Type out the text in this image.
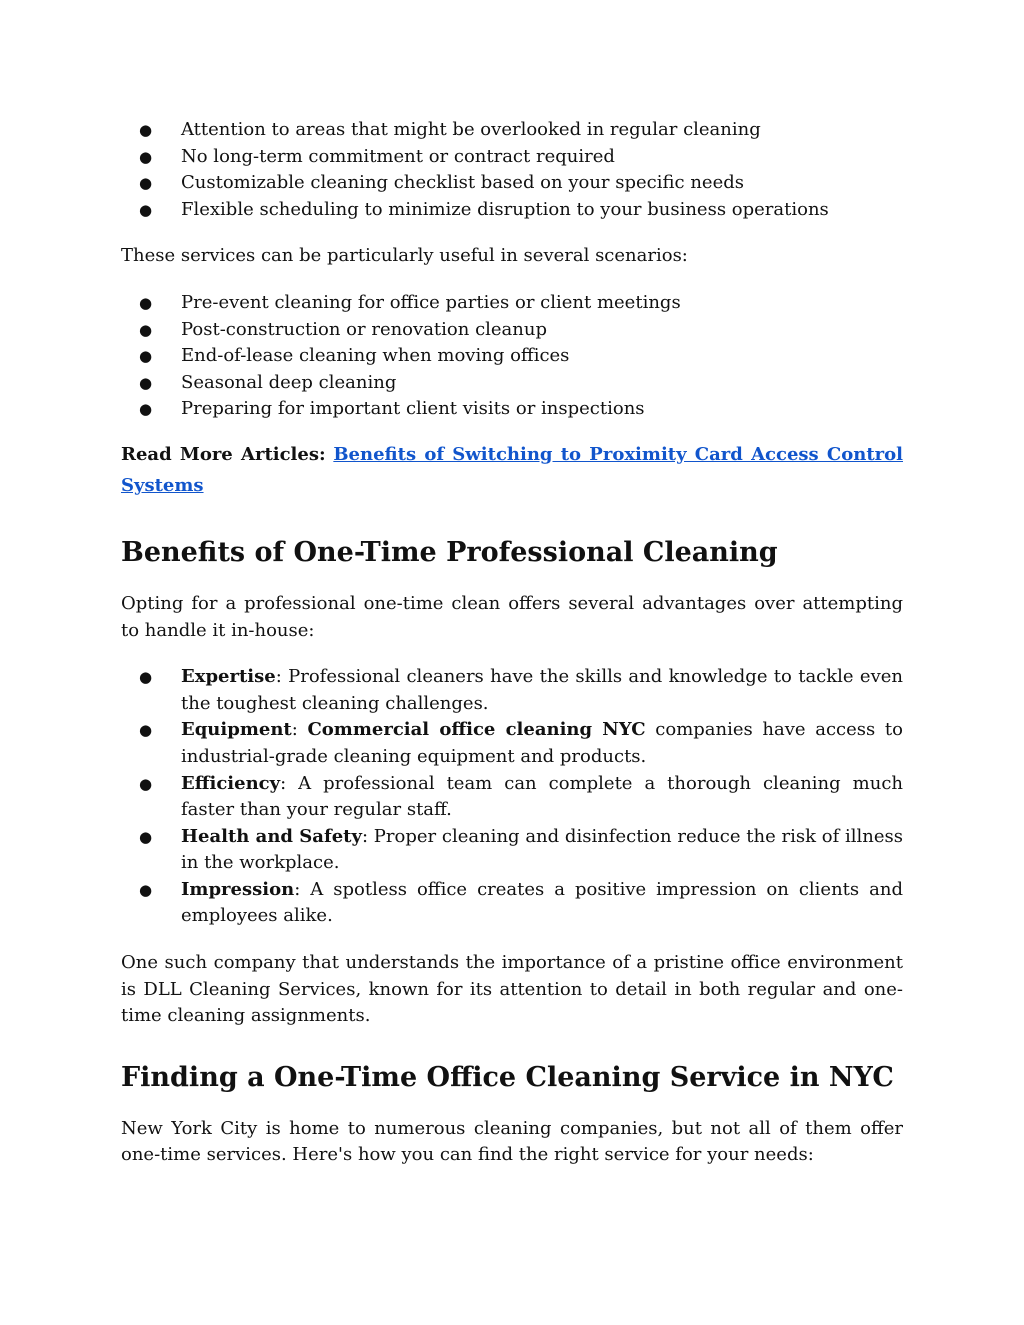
● Attention to areas that might be overlooked in regular cleaning
● No long-term commitment or contract required
● Customizable cleaning checklist based on your specific needs
● Flexible scheduling to minimize disruption to your business operations

These services can be particularly useful in several scenarios:

● Pre-event cleaning for office parties or client meetings
● Post-construction or renovation cleanup
● End-of-lease cleaning when moving offices
● Seasonal deep cleaning
● Preparing for important client visits or inspections

Read More Articles: Benefits of Switching to Proximity Card Access Control Systems

Benefits of One-Time Professional Cleaning

Opting for a professional one-time clean offers several advantages over attempting to handle it in-house:

● Expertise: Professional cleaners have the skills and knowledge to tackle even the toughest cleaning challenges.
● Equipment: Commercial office cleaning NYC companies have access to industrial-grade cleaning equipment and products.
● Efficiency: A professional team can complete a thorough cleaning much faster than your regular staff.
● Health and Safety: Proper cleaning and disinfection reduce the risk of illness in the workplace.
● Impression: A spotless office creates a positive impression on clients and employees alike.

One such company that understands the importance of a pristine office environment is DLL Cleaning Services, known for its attention to detail in both regular and one-time cleaning assignments.

Finding a One-Time Office Cleaning Service in NYC

New York City is home to numerous cleaning companies, but not all of them offer one-time services. Here's how you can find the right service for your needs:
